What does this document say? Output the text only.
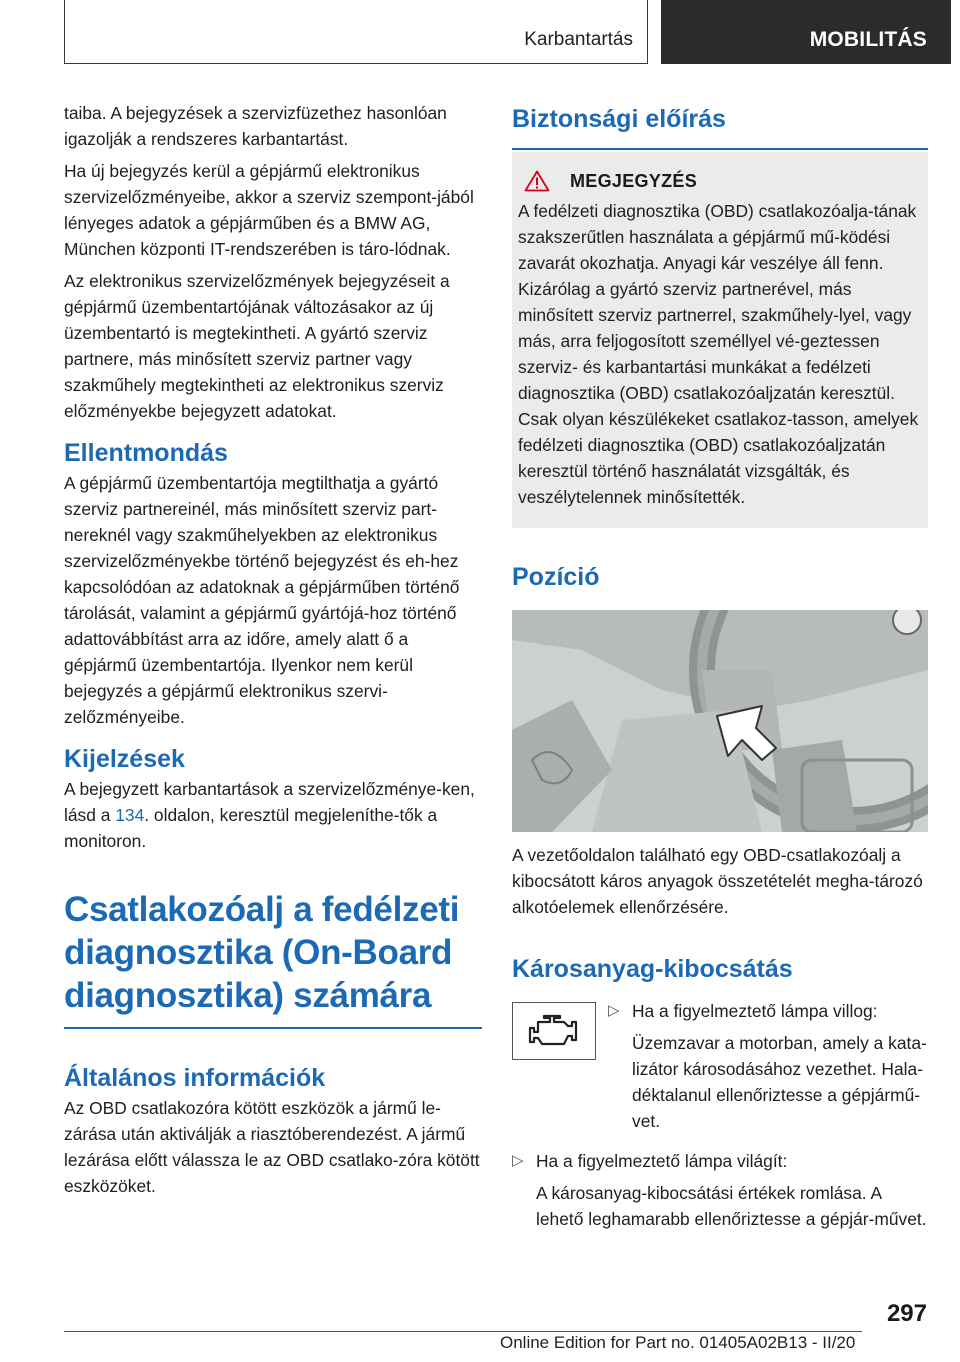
Karbantartás	MOBILITÁS

taiba. A bejegyzések a szervizfüzethez hasonlóan igazolják a rendszeres karbantartást.

Ha új bejegyzés kerül a gépjármű elektronikus szervizelőzményeibe, akkor a szerviz szempont-jából lényeges adatok a gépjárműben és a BMW AG, München központi IT-rendszerében is táro-lódnak.

Az elektronikus szervizelőzmények bejegyzéseit a gépjármű üzembentartójának változásakor az új üzembentartó is megtekintheti. A gyártó szerviz partnere, más minősített szerviz partner vagy szakműhely megtekintheti az elektronikus szerviz előzményekbe bejegyzett adatokat.

Ellentmondás

A gépjármű üzembentartója megtilthatja a gyártó szerviz partnereinél, más minősített szerviz part-nereknél vagy szakműhelyekben az elektronikus szervizelőzményekbe történő bejegyzést és eh-hez kapcsolódóan az adatoknak a gépjárműben történő tárolását, valamint a gépjármű gyártójá-hoz történő adattovábbítást arra az időre, amely alatt ő a gépjármű üzembentartója. Ilyenkor nem kerül bejegyzés a gépjármű elektronikus szervi-zelőzményeibe.

Kijelzések

A bejegyzett karbantartások a szervizelőzménye-ken, lásd a 134. oldalon, keresztül megjeleníthe-tők a monitoron.

Csatlakozóalj a fedélzeti diagnosztika (On-Board diagnosztika) számára
Általános információk

Az OBD csatlakozóra kötött eszközök a jármű le-zárása után aktiválják a riasztóberendezést. A jármű lezárása előtt válassza le az OBD csatlako-zóra kötött eszközöket.

Biztonsági előírás
MEGJEGYZÉS

A fedélzeti diagnosztika (OBD) csatlakozóalja-tának szakszerűtlen használata a gépjármű mű-ködési zavarát okozhatja. Anyagi kár veszélye áll fenn. Kizárólag a gyártó szerviz partnerével, más minősített szerviz partnerrel, szakműhely-lyel, vagy más, arra feljogosított személlyel vé-geztessen szerviz- és karbantartási munkákat a fedélzeti diagnosztika (OBD) csatlakozóaljzatán keresztül. Csak olyan készülékeket csatlakoz-tasson, amelyek fedélzeti diagnosztika (OBD) csatlakozóaljzatán keresztül történő használatát vizsgálták, és veszélytelennek minősítették.

Pozíció

A vezetőoldalon található egy OBD-csatlakozóalj a kibocsátott káros anyagok összetételét megha-tározó alkotóelemek ellenőrzésére.

Károsanyag-kibocsátás
▷ Ha a figyelmeztető lámpa villog:

Üzemzavar a motorban, amely a kata-lizátor károsodásához vezethet. Hala-déktalanul ellenőriztesse a gépjármű-vet.

▷ Ha a figyelmeztető lámpa világít:

A károsanyag-kibocsátási értékek romlása. A lehető leghamarabb ellenőriztesse a gépjár-művet.

297
Online Edition for Part no. 01405A02B13 - II/20
